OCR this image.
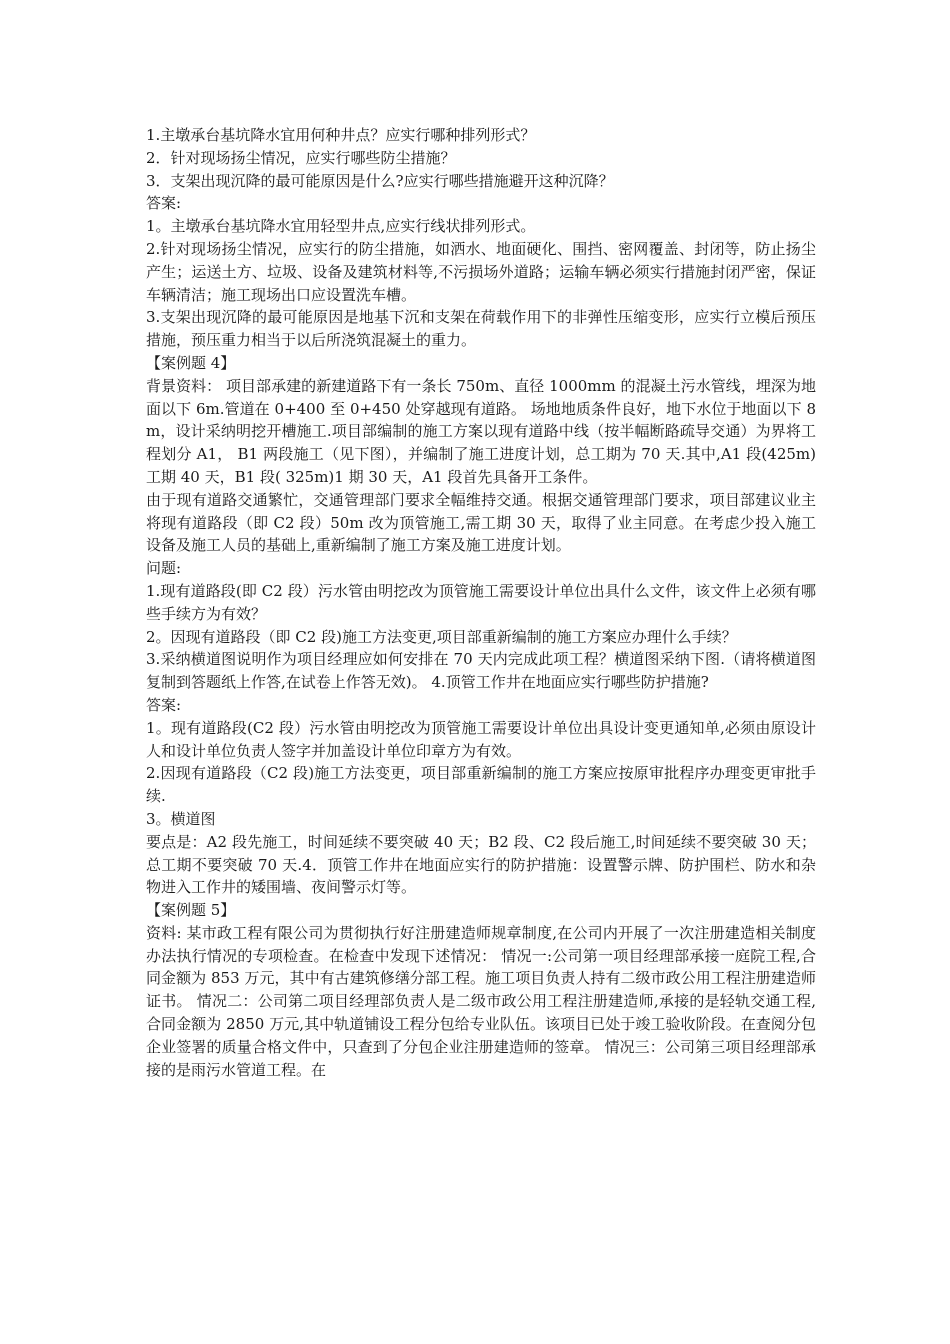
1.主墩承台基坑降水宜用何种井点？应实行哪种排列形式？

2．针对现场扬尘情况，应实行哪些防尘措施？

3．支架出现沉降的最可能原因是什么?应实行哪些措施避开这种沉降？

答案:

1。主墩承台基坑降水宜用轻型井点,应实行线状排列形式。

2.针对现场扬尘情况，应实行的防尘措施，如洒水、地面硬化、围挡、密网覆盖、封闭等，防止扬尘产生；运送土方、垃圾、设备及建筑材料等,不污损场外道路；运输车辆必须实行措施封闭严密，保证车辆清洁；施工现场出口应设置洗车槽。

3.支架出现沉降的最可能原因是地基下沉和支架在荷载作用下的非弹性压缩变形，应实行立模后预压措施，预压重力相当于以后所浇筑混凝土的重力。

【案例题 4】

背景资料： 项目部承建的新建道路下有一条长 750m、直径 1000mm 的混凝土污水管线，埋深为地面以下 6m.管道在 0+400 至 0+450 处穿越现有道路。 场地地质条件良好，地下水位于地面以下 8m，设计采纳明挖开槽施工.项目部编制的施工方案以现有道路中线（按半幅断路疏导交通）为界将工程划分 A1， B1 两段施工（见下图），并编制了施工进度计划，总工期为 70 天.其中,A1 段(425m)工期 40 天，B1 段( 325m)1 期 30 天，A1 段首先具备开工条件。

由于现有道路交通繁忙，交通管理部门要求全幅维持交通。根据交通管理部门要求，项目部建议业主将现有道路段（即 C2 段）50m 改为顶管施工,需工期 30 天，取得了业主同意。在考虑少投入施工设备及施工人员的基础上,重新编制了施工方案及施工进度计划。

问题:

1.现有道路段(即 C2 段）污水管由明挖改为顶管施工需要设计单位出具什么文件，该文件上必须有哪些手续方为有效？

2。因现有道路段（即 C2 段)施工方法变更,项目部重新编制的施工方案应办理什么手续？

3.采纳横道图说明作为项目经理应如何安排在 70 天内完成此项工程？横道图采纳下图.（请将横道图复制到答题纸上作答,在试卷上作答无效)。 4.顶管工作井在地面应实行哪些防护措施?

答案:

1。现有道路段(C2 段）污水管由明挖改为顶管施工需要设计单位出具设计变更通知单,必须由原设计人和设计单位负责人签字并加盖设计单位印章方为有效。

2.因现有道路段（C2 段)施工方法变更，项目部重新编制的施工方案应按原审批程序办理变更审批手续.

3。横道图

要点是：A2 段先施工，时间延续不要突破 40 天；B2 段、C2 段后施工,时间延续不要突破 30 天；总工期不要突破 70 天.4．顶管工作井在地面应实行的防护措施：设置警示牌、防护围栏、防水和杂物进入工作井的矮围墙、夜间警示灯等。

【案例题 5】

资料: 某市政工程有限公司为贯彻执行好注册建造师规章制度,在公司内开展了一次注册建造相关制度办法执行情况的专项检查。在检查中发现下述情况： 情况一:公司第一项目经理部承接一庭院工程,合同金额为 853 万元，其中有古建筑修缮分部工程。施工项目负责人持有二级市政公用工程注册建造师证书。 情况二：公司第二项目经理部负责人是二级市政公用工程注册建造师,承接的是轻轨交通工程,合同金额为 2850 万元,其中轨道铺设工程分包给专业队伍。该项目已处于竣工验收阶段。在查阅分包企业签署的质量合格文件中，只查到了分包企业注册建造师的签章。 情况三：公司第三项目经理部承接的是雨污水管道工程。在
